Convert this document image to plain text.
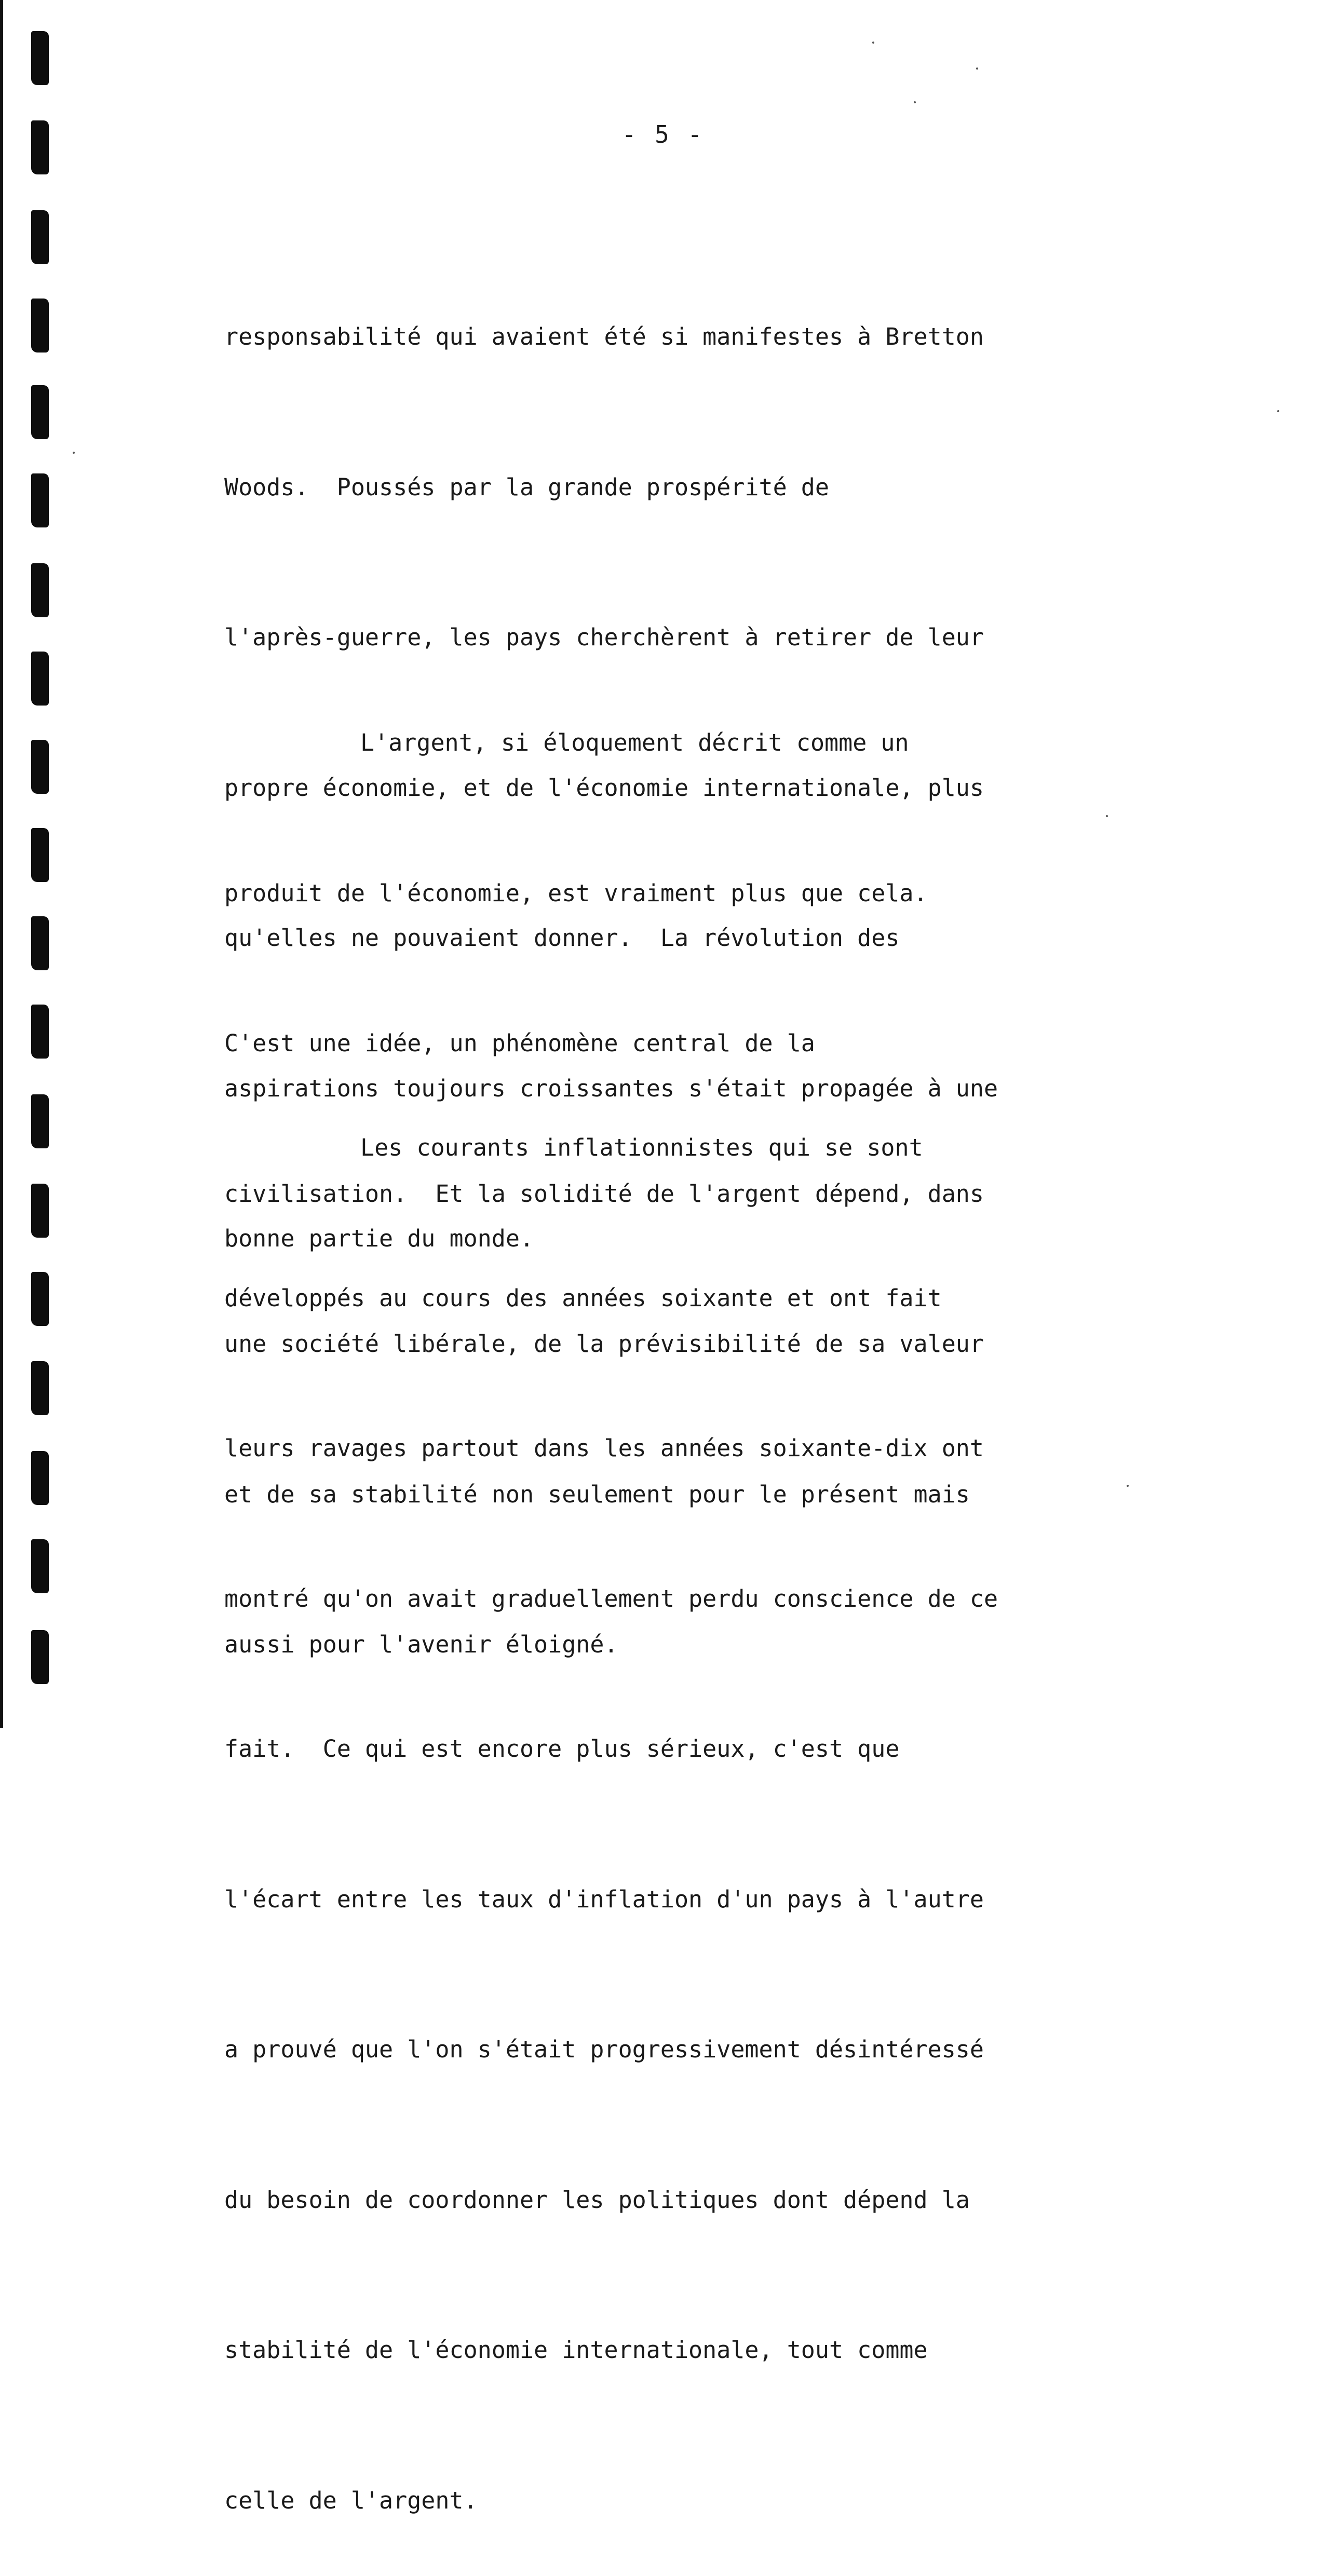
- 5 -

responsabilité qui avaient été si manifestes à Bretton

Woods.  Poussés par la grande prospérité de

l'après-guerre, les pays cherchèrent à retirer de leur

propre économie, et de l'économie internationale, plus

qu'elles ne pouvaient donner.  La révolution des

aspirations toujours croissantes s'était propagée à une

bonne partie du monde.

L'argent, si éloquement décrit comme un

produit de l'économie, est vraiment plus que cela.

C'est une idée, un phénomène central de la

civilisation.  Et la solidité de l'argent dépend, dans

une société libérale, de la prévisibilité de sa valeur

et de sa stabilité non seulement pour le présent mais

aussi pour l'avenir éloigné.

Les courants inflationnistes qui se sont

développés au cours des années soixante et ont fait

leurs ravages partout dans les années soixante-dix ont

montré qu'on avait graduellement perdu conscience de ce

fait.  Ce qui est encore plus sérieux, c'est que

l'écart entre les taux d'inflation d'un pays à l'autre

a prouvé que l'on s'était progressivement désintéressé

du besoin de coordonner les politiques dont dépend la

stabilité de l'économie internationale, tout comme

celle de l'argent.
